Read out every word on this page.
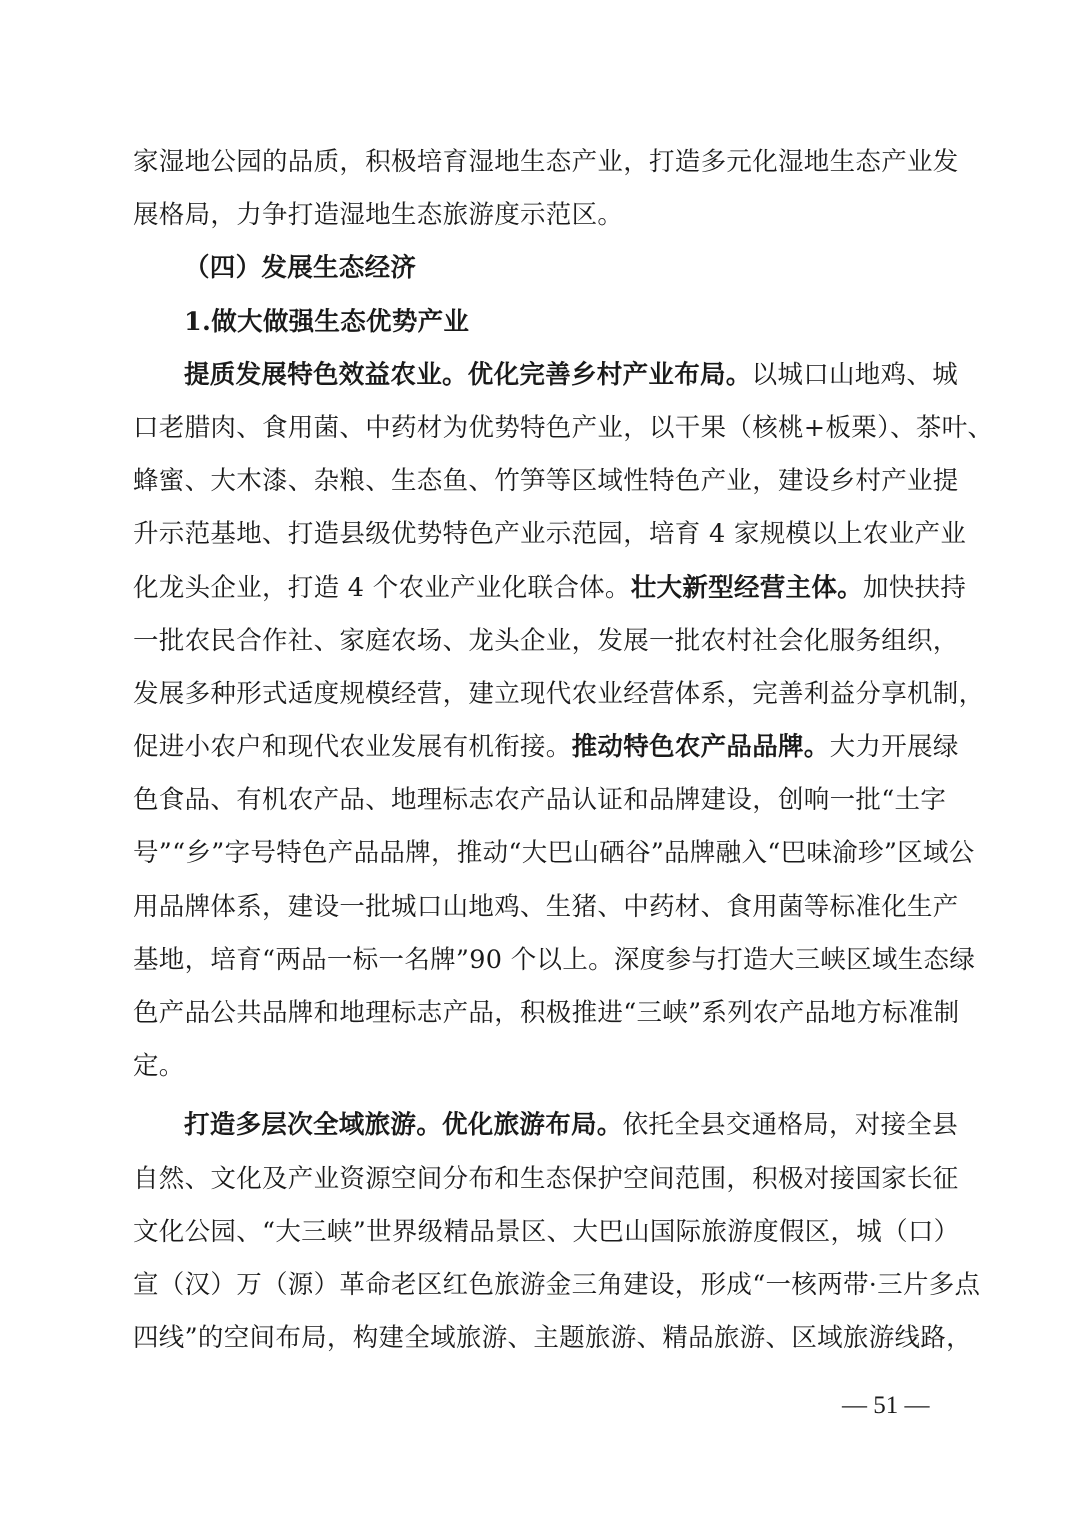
家湿地公园的品质，积极培育湿地生态产业，打造多元化湿地生态产业发
展格局，力争打造湿地生态旅游度示范区。
（四）发展生态经济
1.做大做强生态优势产业
提质发展特色效益农业。优化完善乡村产业布局。以城口山地鸡、城
口老腊肉、食用菌、中药材为优势特色产业，以干果（核桃+板栗）、茶叶、
蜂蜜、大木漆、杂粮、生态鱼、竹笋等区域性特色产业，建设乡村产业提
升示范基地、打造县级优势特色产业示范园，培育 4 家规模以上农业产业
化龙头企业，打造 4 个农业产业化联合体。壮大新型经营主体。加快扶持
一批农民合作社、家庭农场、龙头企业，发展一批农村社会化服务组织，
发展多种形式适度规模经营，建立现代农业经营体系，完善利益分享机制，
促进小农户和现代农业发展有机衔接。推动特色农产品品牌。大力开展绿
色食品、有机农产品、地理标志农产品认证和品牌建设，创响一批“土字
号”“乡”字号特色产品品牌，推动“大巴山硒谷”品牌融入“巴味渝珍”区域公
用品牌体系，建设一批城口山地鸡、生猪、中药材、食用菌等标准化生产
基地，培育“两品一标一名牌”90 个以上。深度参与打造大三峡区域生态绿
色产品公共品牌和地理标志产品，积极推进“三峡”系列农产品地方标准制
定。
打造多层次全域旅游。优化旅游布局。依托全县交通格局，对接全县
自然、文化及产业资源空间分布和生态保护空间范围，积极对接国家长征
文化公园、“大三峡”世界级精品景区、大巴山国际旅游度假区，城（口）
宣（汉）万（源）革命老区红色旅游金三角建设，形成“一核两带·三片多点
四线”的空间布局，构建全域旅游、主题旅游、精品旅游、区域旅游线路，
— 51 —
